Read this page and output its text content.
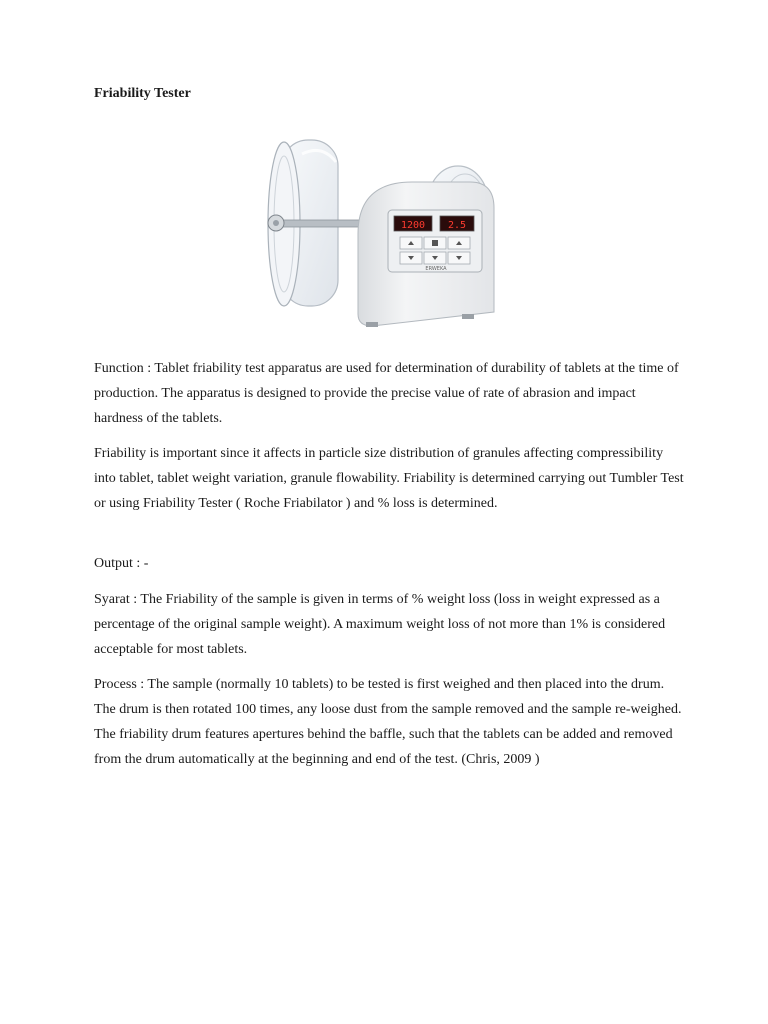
Friability Tester
1200 2.5
ERWEKA

Function : Tablet friability test apparatus are used for determination of durability of tablets at the time of production. The apparatus is designed to provide the precise value of rate of abrasion and impact hardness of the tablets.

Friability is important since it affects in particle size distribution of granules affecting compressibility into tablet, tablet weight variation, granule flowability. Friability is determined carrying out Tumbler Test or using Friability Tester ( Roche Friabilator ) and % loss is determined.

Output : -

Syarat : The Friability of the sample is given in terms of % weight loss (loss in weight expressed as a percentage of the original sample weight). A maximum weight loss of not more than 1% is considered acceptable for most tablets.

Process : The sample (normally 10 tablets) to be tested is first weighed and then placed into the drum. The drum is then rotated 100 times, any loose dust from the sample removed and the sample re-weighed. The friability drum features apertures behind the baffle, such that the tablets can be added and removed from the drum automatically at the beginning and end of the test. (Chris, 2009 )
